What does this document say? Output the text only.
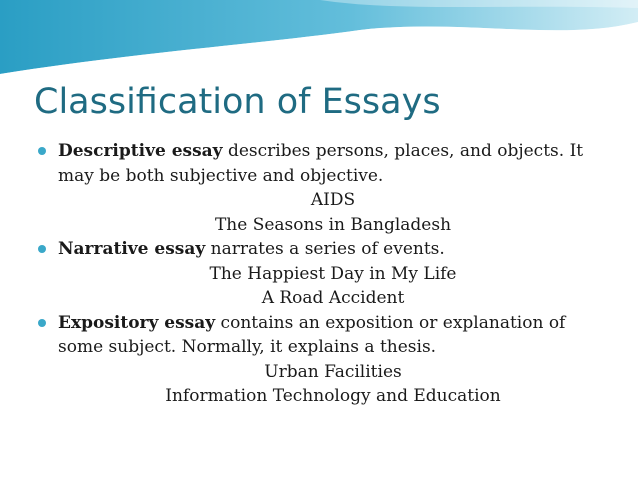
Classification of Essays
Descriptive essay describes persons, places, and objects. It may be both subjective and objective.
AIDS
The Seasons in Bangladesh
Narrative essay narrates a series of events.
The Happiest Day in My Life
A Road Accident
Expository essay contains an exposition or explanation of some subject. Normally, it explains a thesis.
Urban Facilities
Information Technology and Education
